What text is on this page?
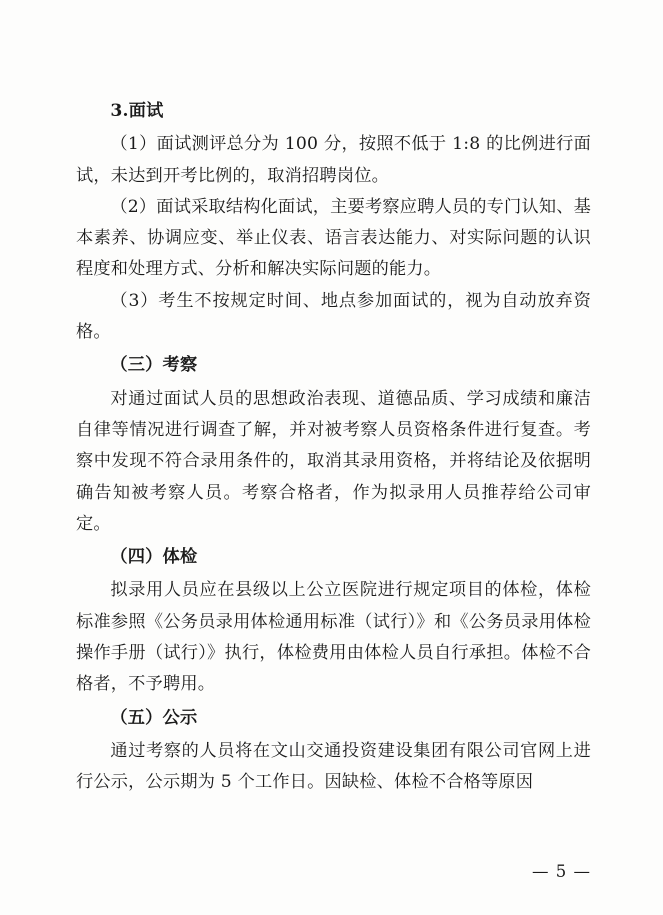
3.面试

（1）面试测评总分为 100 分，按照不低于 1:8 的比例进行面试，未达到开考比例的，取消招聘岗位。

（2）面试采取结构化面试，主要考察应聘人员的专门认知、基本素养、协调应变、举止仪表、语言表达能力、对实际问题的认识程度和处理方式、分析和解决实际问题的能力。

（3）考生不按规定时间、地点参加面试的，视为自动放弃资格。

（三）考察

对通过面试人员的思想政治表现、道德品质、学习成绩和廉洁自律等情况进行调查了解，并对被考察人员资格条件进行复查。考察中发现不符合录用条件的，取消其录用资格，并将结论及依据明确告知被考察人员。考察合格者，作为拟录用人员推荐给公司审定。

（四）体检

拟录用人员应在县级以上公立医院进行规定项目的体检，体检标准参照《公务员录用体检通用标准（试行）》和《公务员录用体检操作手册（试行）》执行，体检费用由体检人员自行承担。体检不合格者，不予聘用。

（五）公示

通过考察的人员将在文山交通投资建设集团有限公司官网上进行公示，公示期为 5 个工作日。因缺检、体检不合格等原因

— 5 —
